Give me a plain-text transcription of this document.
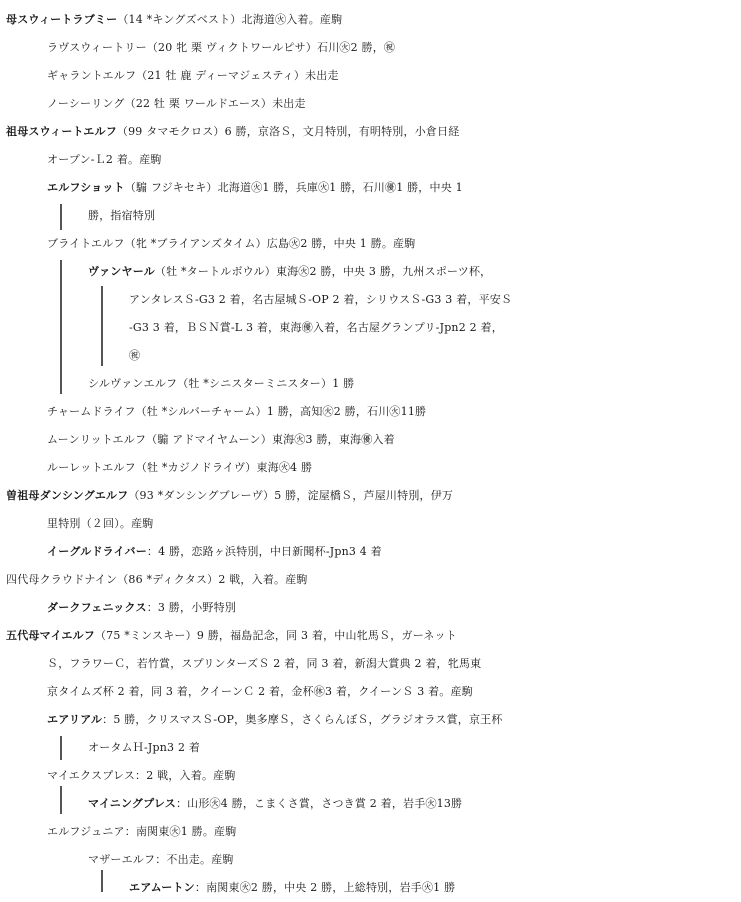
母スウィートラブミー（14 *キングズベスト）北海道㊋入着。産駒
ラヴスウィートリー（20 牝 栗 ヴィクトワールピサ）石川㊋2 勝，㊗
ギャラントエルフ（21 牡 鹿 ディーマジェスティ）未出走
ノーシーリング（22 牡 栗 ワールドエース）未出走
祖母スウィートエルフ（99 タマモクロス）6 勝，京洛Ｓ，文月特別，有明特別，小倉日経
オープン-Ｌ2 着。産駒
エルフショット（騸 フジキセキ）北海道㊋1 勝，兵庫㊋1 勝，石川㊝1 勝，中央 1
勝，指宿特別
ブライトエルフ（牝 *ブライアンズタイム）広島㊋2 勝，中央 1 勝。産駒
ヴァンヤール（牡 *タートルボウル）東海㊋2 勝，中央 3 勝，九州スポーツ杯，
アンタレスＳ-G3 2 着，名古屋城Ｓ-OP 2 着，シリウスＳ-G3 3 着，平安Ｓ
-G3 3 着，ＢＳＮ賞-L 3 着，東海㊝入着，名古屋グランプリ-Jpn2 2 着，
㊗
シルヴァンエルフ（牡 *シニスターミニスター）1 勝
チャームドライフ（牡 *シルバーチャーム）1 勝，高知㊋2 勝，石川㊋11勝
ムーンリットエルフ（騸 アドマイヤムーン）東海㊋3 勝，東海㊝入着
ルーレットエルフ（牡 *カジノドライヴ）東海㊋4 勝
曽祖母ダンシングエルフ（93 *ダンシングブレーヴ）5 勝，淀屋橋Ｓ，芦屋川特別，伊万
里特別（２回）。産駒
イーグルドライバー：4 勝，恋路ヶ浜特別，中日新聞杯-Jpn3 4 着
四代母クラウドナイン（86 *ディクタス）2 戦，入着。産駒
ダークフェニックス：3 勝，小野特別
五代母マイエルフ（75 *ミンスキー）9 勝，福島記念，同 3 着，中山牝馬Ｓ，ガーネット
Ｓ，フラワーＣ，若竹賞，スプリンターズＳ 2 着，同 3 着，新潟大賞典 2 着，牝馬東
京タイムズ杯 2 着，同 3 着，クイーンＣ 2 着，金杯㊡3 着，クイーンＳ 3 着。産駒
エアリアル：5 勝，クリスマスＳ-OP，奥多摩Ｓ，さくらんぼＳ，グラジオラス賞，京王杯
オータムＨ-Jpn3 2 着
マイエクスプレス：2 戦，入着。産駒
マイニングプレス：山形㊋4 勝，こまくさ賞，さつき賞 2 着，岩手㊋13勝
エルフジュニア：南関東㊋1 勝。産駒
マザーエルフ：不出走。産駒
エアムートン：南関東㊋2 勝，中央 2 勝，上総特別，岩手㊋1 勝
